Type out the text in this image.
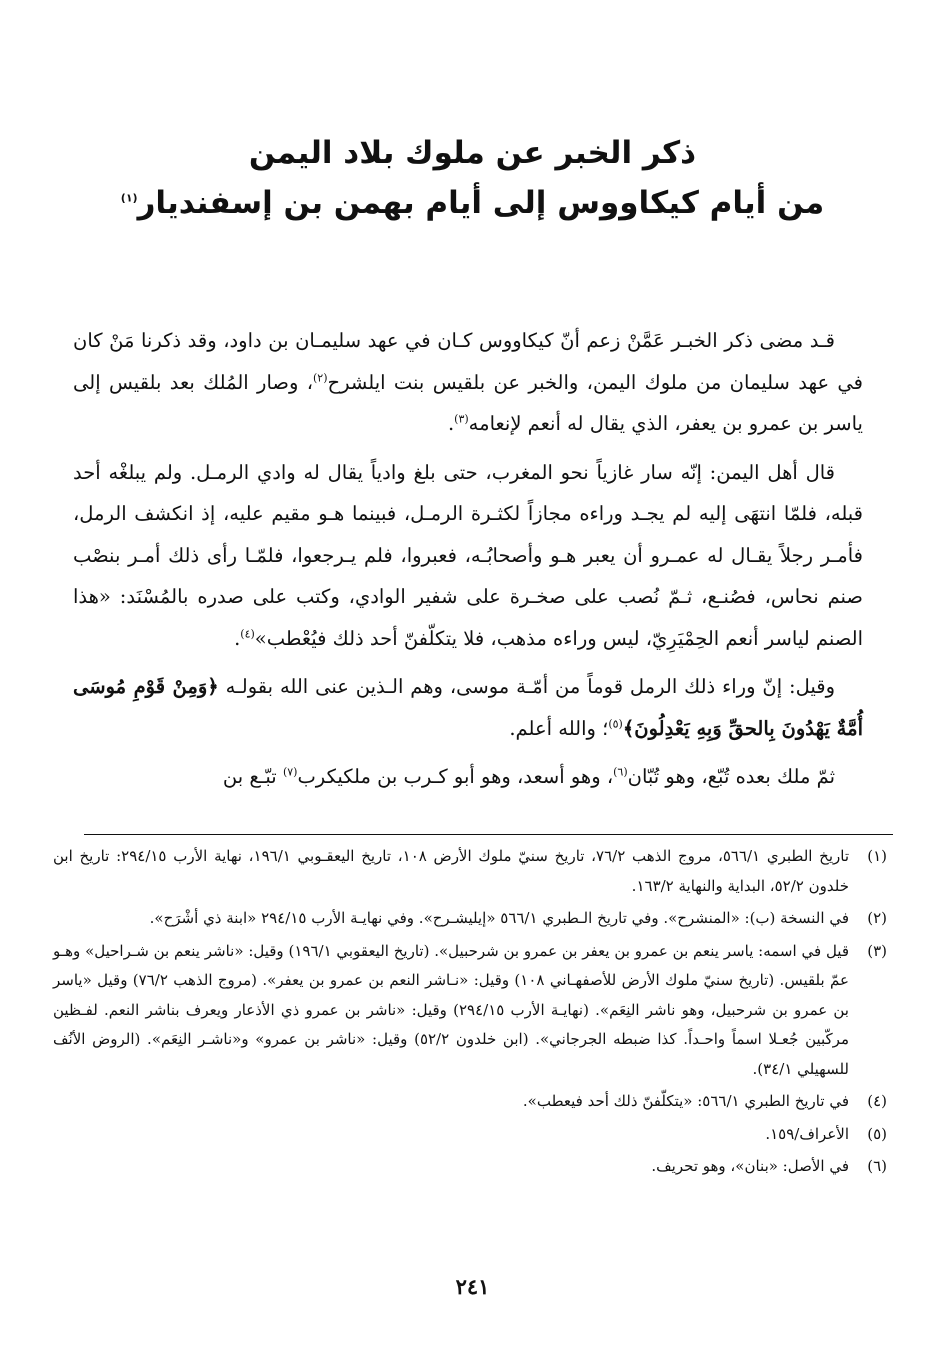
ذكر الخبر عن ملوك بلاد اليمن

من أيام كيكاووس إلى أيام بهمن بن إسفنديار$^{(١)}$

قـد مضى ذكر الخبـر عَمَّنْ زعم أنّ كيكاووس كـان في عهد سليمـان بن داود، وقد ذكرنا مَنْ كان في عهد سليمان من ملوك اليمن، والخبر عن بلقيس بنت ايلشرح$^{(٢)}$، وصار المُلك بعد بلقيس إلى ياسر بن عمرو بن يعفر، الذي يقال له أنعم لإنعامه$^{(٣)}$.

قال أهل اليمن: إنّه سار غازياً نحو المغرب، حتى بلغ وادياً يقال له وادي الرمـل. ولم يبلغْه أحد قبله، فلمّا انتهَى إليه لم يجـد وراءه مجازاً لكثـرة الرمـل، فبينما هـو مقيم عليه، إذ انكشف الرمل، فأمـر رجلاً يقـال له عمـرو أن يعبر هـو وأصحابُـه، فعبروا، فلم يـرجعوا، فلمّـا رأى ذلك أمـر بنصْب صنم نحاس، فصُنـع، ثـمّ نُصب على صخـرة على شفير الوادي، وكتب على صدره بالمُسْنَد: «هذا الصنم لياسر أنعم الحِمْيَرِيّ، ليس وراءه مذهب، فلا يتكلّفنّ أحد ذلك فيُعْطب»$^{(٤)}$.

وقيل: إنّ وراء ذلك الرمل قوماً من أمّـة موسى، وهم الـذين عنى الله بقولـه ﴿وَمِنْ قَوْمِ مُوسَى أُمَّةٌ يَهْدُونَ بِالحقِّ وَبِهِ يَعْدِلُونَ﴾$^{(٥)}$؛ والله أعلم.

ثمّ ملك بعده تُبّع، وهو تُبّان$^{(٦)}$، وهو أسعد، وهو أبو كـرب بن ملكيكرب$^{(٧)}$ تبّـع بن

(١)
تاريخ الطبري ٥٦٦/١، مروج الذهب ٧٦/٢، تاريخ سنيّ ملوك الأرض ١٠٨، تاريخ اليعقـوبي ١٩٦/١، نهاية الأرب ٢٩٤/١٥: تاريخ ابن خلدون ٥٢/٢، البداية والنهاية ١٦٣/٢.
(٢)
في النسخة (ب): «المنشرح». وفي تاريخ الـطبري ٥٦٦/١ «إيليشـرح». وفي نهايـة الأرب ٢٩٤/١٥ «ابنة ذي أشْرَح».
(٣)
قيل في اسمه: ياسر ينعم بن عمرو بن يعفر بن عمرو بن شرحبيل». (تاريخ اليعقوبي ١٩٦/١) وقيل: «ناشر ينعم بن شـراحيل» وهـو عمّ بلقيس. (تاريخ سنيّ ملوك الأرض للأصفهـاني ١٠٨) وقيل: «نـاشر النعم بن عمرو بن يعفر». (مروج الذهب ٧٦/٢) وقيل «ياسر بن عمرو بن شرحبيل، وهو ناشر النِعَم». (نهايـة الأرب ٢٩٤/١٥) وقيل: «ناشر بن عمرو ذي الأذعار ويعرف بناشر النعم. لفـظين مركّبين جُعـلا اسماً واحـداً. كذا ضبطه الجرجاني». (ابن خلدون ٥٢/٢) وقيل: «ناشر بن عمرو» و«ناشـر النِعَم». (الروض الأنُف للسهيلي ٣٤/١).
(٤)
في تاريخ الطبري ٥٦٦/١: «يتكلّفنّ ذلك أحد فيعطب».
(٥)
الأعراف/١٥٩.
(٦)
في الأصل: «بنان»، وهو تحريف.
٢٤١
